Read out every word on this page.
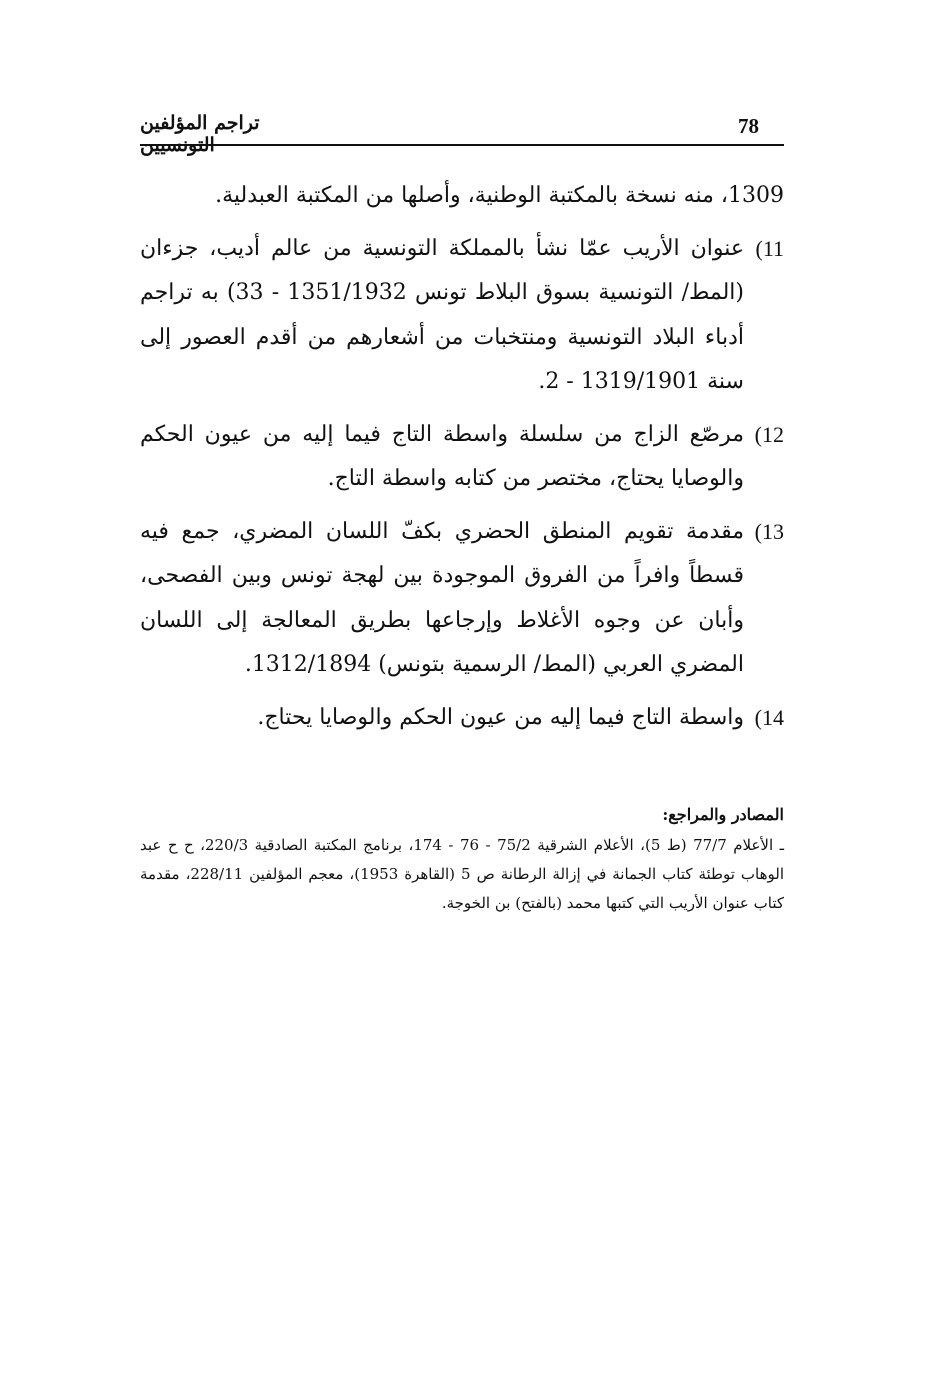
78
تراجم المؤلفين التونسيين

1309، منه نسخة بالمكتبة الوطنية، وأصلها من المكتبة العبدلية.

11)
عنوان الأريب عمّا نشأ بالمملكة التونسية من عالم أديب، جزءان (المط/ التونسية بسوق البلاط تونس 1351/1932 - 33) به تراجم أدباء البلاد التونسية ومنتخبات من أشعارهم من أقدم العصور إلى سنة 1319/1901 - 2.

12)
مرصّع الزاج من سلسلة واسطة التاج فيما إليه من عيون الحكم والوصايا يحتاج، مختصر من كتابه واسطة التاج.

13)
مقدمة تقويم المنطق الحضري بكفّ اللسان المضري، جمع فيه قسطاً وافراً من الفروق الموجودة بين لهجة تونس وبين الفصحى، وأبان عن وجوه الأغلاط وإرجاعها بطريق المعالجة إلى اللسان المضري العربي (المط/ الرسمية بتونس) 1312/1894.

14)
واسطة التاج فيما إليه من عيون الحكم والوصايا يحتاج.

المصادر والمراجع:
ـ الأعلام 77/7 (ط 5)، الأعلام الشرقية 75/2 - 76 - 174، برنامج المكتبة الصادقية 220/3، ح ح عبد الوهاب توطئة كتاب الجمانة في إزالة الرطانة ص 5 (القاهرة 1953)، معجم المؤلفين 228/11، مقدمة كتاب عنوان الأريب التي كتبها محمد (بالفتح) بن الخوجة.
